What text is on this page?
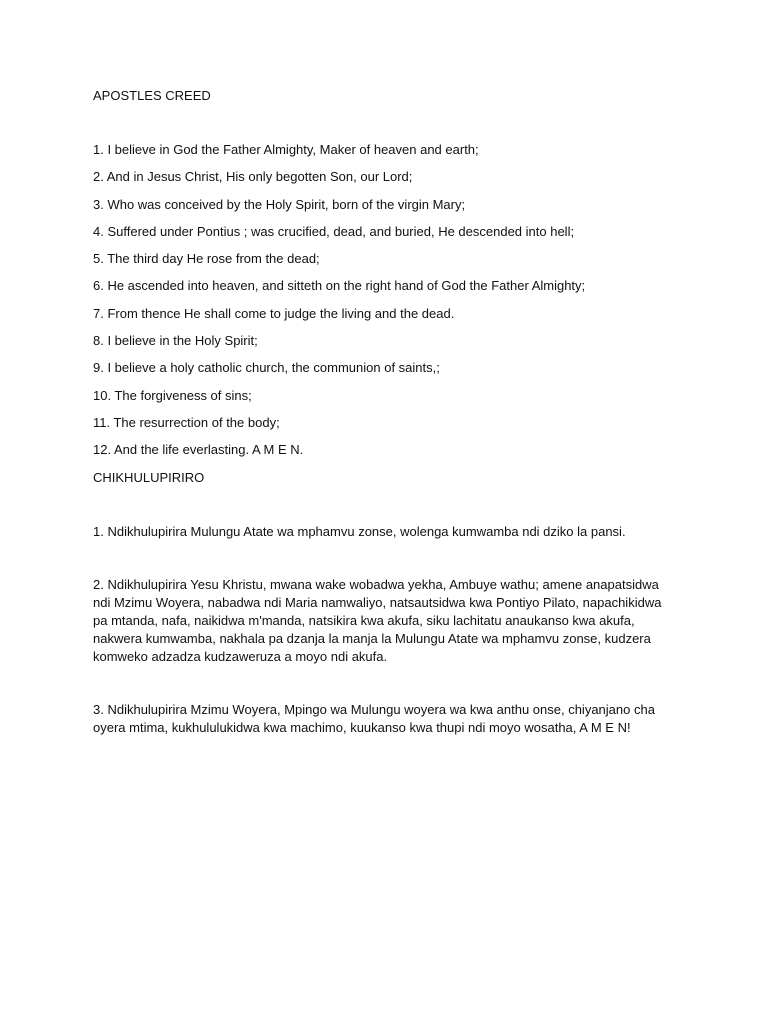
APOSTLES CREED

1. I believe in God the Father Almighty, Maker of heaven and earth;
2. And in Jesus Christ, His only begotten Son, our Lord;
3. Who was conceived by the Holy Spirit, born of the virgin Mary;
4. Suffered under Pontius ; was crucified, dead, and buried, He descended into hell;
5. The third day He rose from the dead;
6. He ascended into heaven, and sitteth on the right hand of God the Father Almighty;
7. From thence He shall come to judge the living and the dead.
8. I believe in the Holy Spirit;
9. I believe a holy catholic church, the communion of saints,;
10. The forgiveness of sins;
11. The resurrection of the body;
12. And the life everlasting. A M E N.

CHIKHULUPIRIRO

1. Ndikhulupirira Mulungu Atate wa mphamvu zonse, wolenga kumwamba ndi dziko la pansi.

2. Ndikhulupirira Yesu Khristu, mwana wake wobadwa yekha, Ambuye wathu; amene anapatsidwa ndi Mzimu Woyera, nabadwa ndi Maria namwaliyo, natsautsidwa kwa Pontiyo Pilato, napachikidwa pa mtanda, nafa, naikidwa m'manda, natsikira kwa akufa, siku lachitatu anaukanso kwa akufa, nakwera kumwamba, nakhala pa dzanja la manja la Mulungu Atate wa mphamvu zonse, kudzera komweko adzadza kudzaweruza a moyo ndi akufa.

3. Ndikhulupirira Mzimu Woyera, Mpingo wa Mulungu woyera wa kwa anthu onse, chiyanjano cha oyera mtima, kukhululukidwa kwa machimo, kuukanso kwa thupi ndi moyo wosatha, A M E N!
